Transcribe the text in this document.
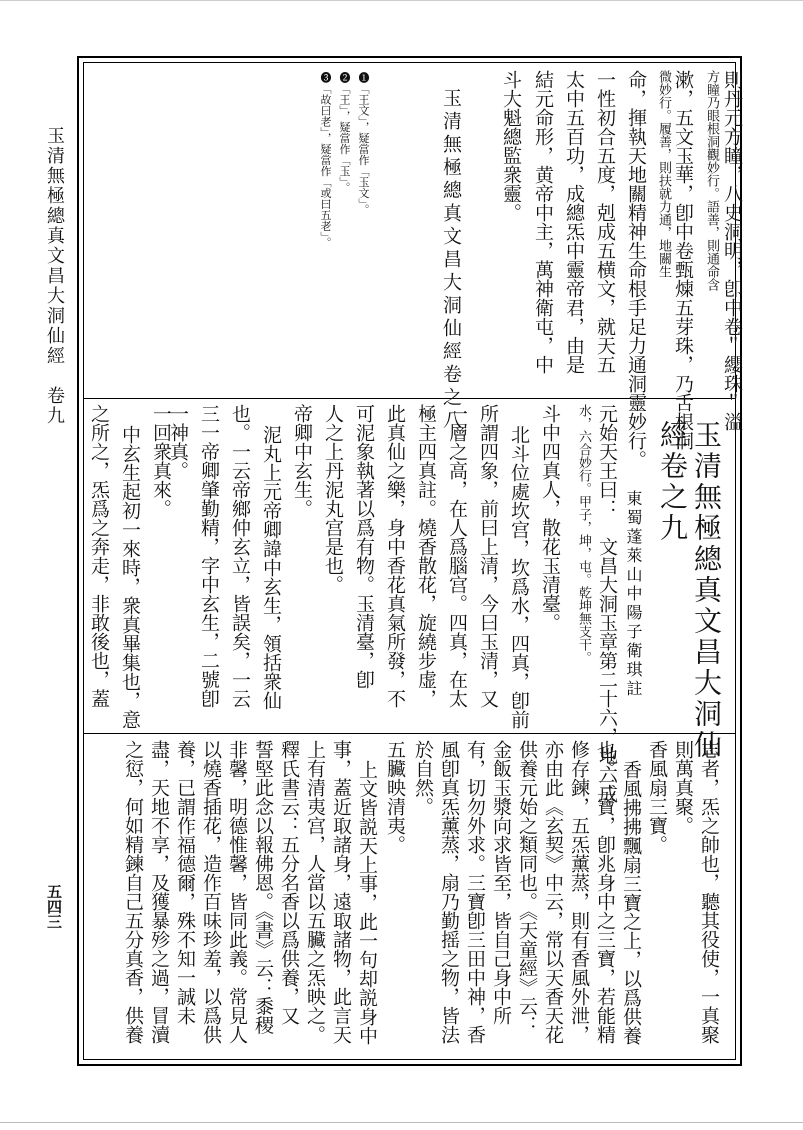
玉清無極總真文昌大洞仙經　卷九
五四三
則丹元方瞳，八史洞明，卽中卷＂纓珠＂溢
方瞳乃眼根洞觀妙行。語善，則通命含
漱，五文玉華，卽中卷甄煉五芽珠，乃舌根洞
微妙行。履善，則扶就力通，地關生
命，揮執天地關精神生命根手足力通洞靈妙行。
一性初合五度，剋成五横文，就天五
太中五百功，成總炁中靈帝君，由是
結元命形，黄帝中主，萬神衛屯，中
斗大魁總監衆靈。
玉清無極總真文昌大洞仙經卷之八
❶「王文」，疑當作「玉文」。
❷「王」，疑當作「玉」。
❸「故曰老」，疑當作「或曰五老」。
玉清無極總真文昌大洞仙
經卷之九
東蜀蓬萊山中陽子衛琪註
元始天王曰：　文昌大洞玉章第二十六，地六成
水，六合妙行。甲子，坤，屯。乾坤無支干。
斗中四真人，散花玉清臺。
北斗位處坎宫，坎爲水，四真，卽前
所謂四象，前曰上清，今曰玉清，又
一層之高，在人爲腦宫。四真，在太
極主四真註。燒香散花，旋繞步虚，
此真仙之樂，身中香花真氣所發，不
可泥象執著以爲有物。玉清臺，卽
人之上丹泥丸宫是也。
帝卿中玄生。
泥丸上元帝卿諱中玄生，領括衆仙
也。一云帝鄉仲玄立，皆誤矣，一云
三一帝卿肇勤精，字中玄生，二號卽
一神真。
一回衆真來。
中玄生起初一來時，衆真畢集也，意
之所之，炁爲之奔走，非敢後也，蓋
志者，炁之帥也，聽其役使，一真聚
則萬真聚。
香風扇三寶。
香風拂拂飄扇三寶之上，以爲供養
也。三寶，卽兆身中之三寶，若能精
修存鍊，五炁薰蒸，則有香風外泄，
亦由此《玄契》中云，常以天香天花
供養元始之類同也。《天童經》云：
金飯玉漿向求皆至，皆自己身中所
有，切勿外求。三寶卽三田中神，香
風卽真炁薰蒸，扇乃勤摇之物，皆法
於自然。
五臟映清夷。
上文皆説天上事，此一句却説身中
事，蓋近取諸身，遠取諸物，此言天
上有清夷宫，人當以五臟之炁映之。
釋氏書云：五分名香以爲供養，又
誓堅此念以報佛恩。《書》云：黍稷
非馨，明德惟馨，皆同此義。常見人
以燒香插花，造作百味珍羞，以爲供
養，已謂作福德爾，殊不知一誠未
盡，天地不享，及獲暴殄之過，冒瀆
之愆，何如精鍊自己五分真香，供養
